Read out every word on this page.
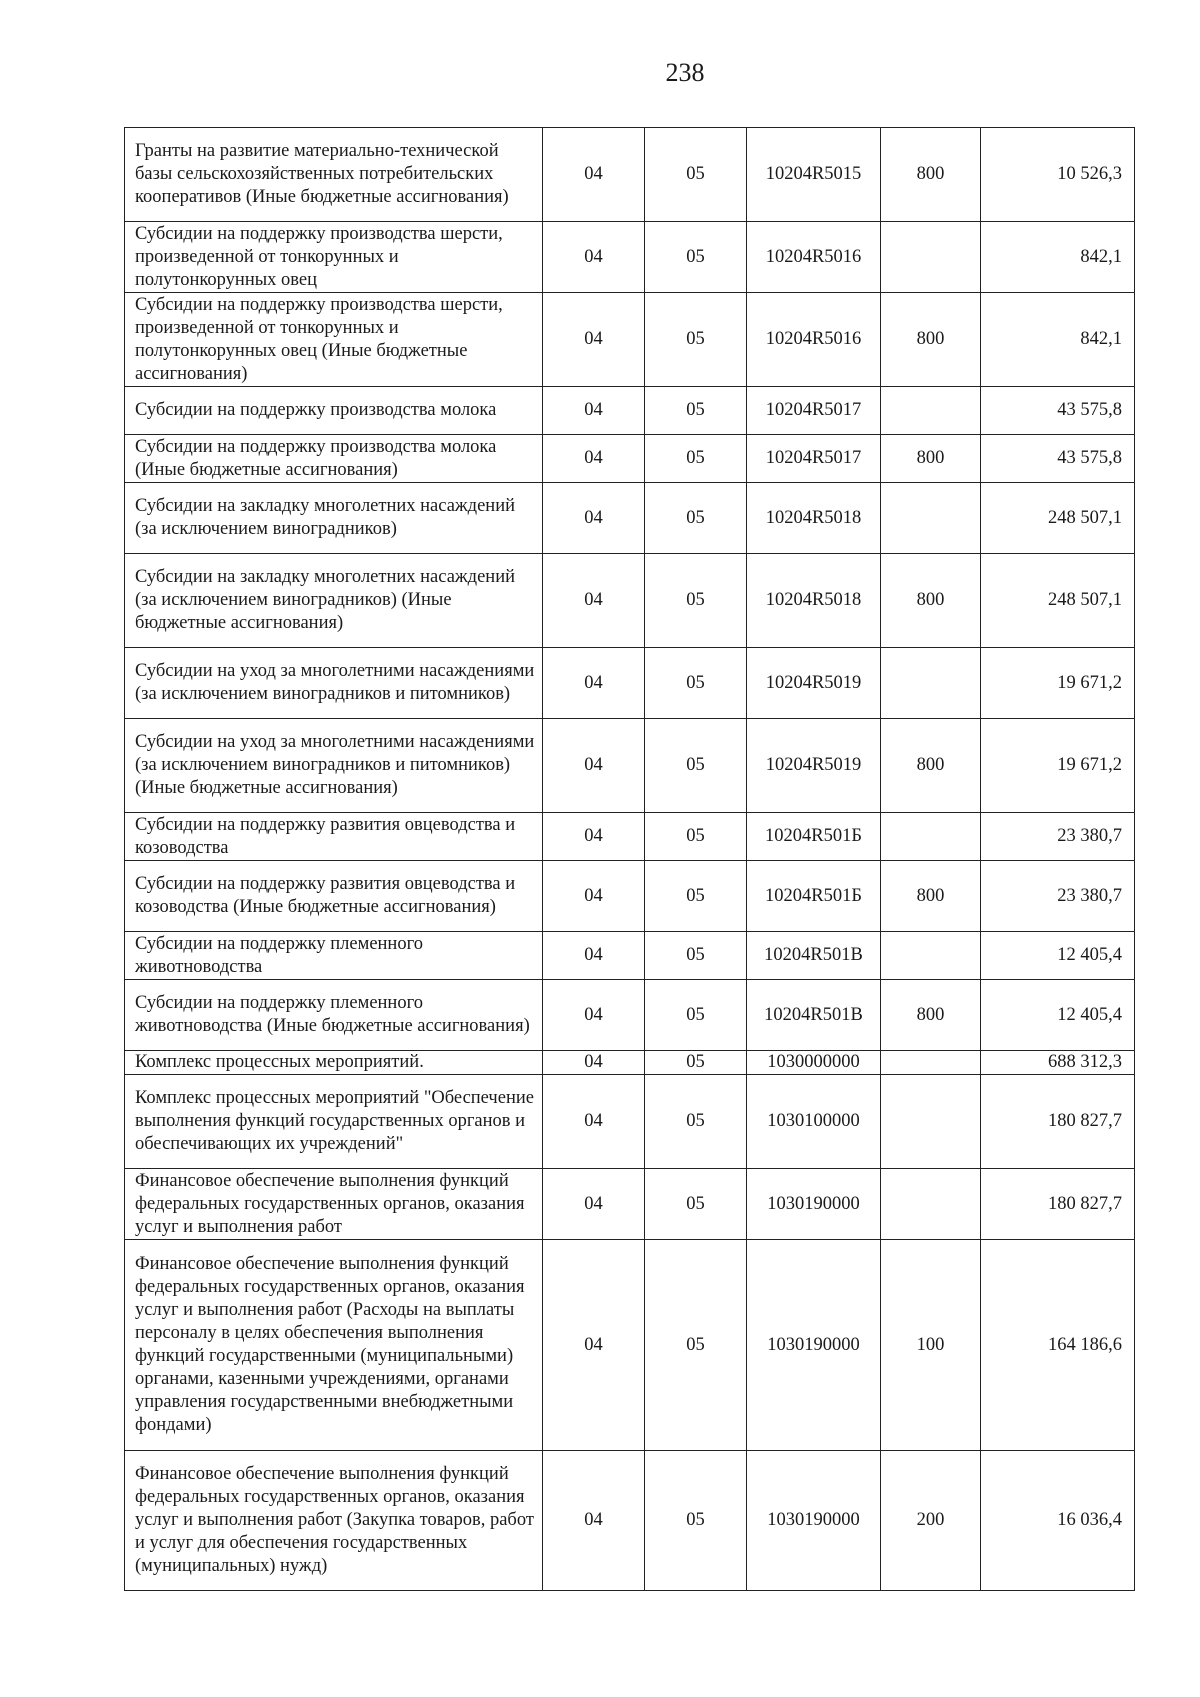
238
Гранты на развитие материально-технической базы сельскохозяйственных потребительских кооперативов (Иные бюджетные ассигнования)	04	05	10204R5015	800	10 526,3
Субсидии на поддержку производства шерсти, произведенной от тонкорунных и полутонкорунных овец	04	05	10204R5016		842,1
Субсидии на поддержку производства шерсти, произведенной от тонкорунных и полутонкорунных овец (Иные бюджетные ассигнования)	04	05	10204R5016	800	842,1
Субсидии на поддержку производства молока	04	05	10204R5017		43 575,8
Субсидии на поддержку производства молока (Иные бюджетные ассигнования)	04	05	10204R5017	800	43 575,8
Субсидии на закладку многолетних насаждений (за исключением виноградников)	04	05	10204R5018		248 507,1
Субсидии на закладку многолетних насаждений (за исключением виноградников) (Иные бюджетные ассигнования)	04	05	10204R5018	800	248 507,1
Субсидии на уход за многолетними насаждениями (за исключением виноградников и питомников)	04	05	10204R5019		19 671,2
Субсидии на уход за многолетними насаждениями (за исключением виноградников и питомников) (Иные бюджетные ассигнования)	04	05	10204R5019	800	19 671,2
Субсидии на поддержку развития овцеводства и козоводства	04	05	10204R501Б		23 380,7
Субсидии на поддержку развития овцеводства и козоводства (Иные бюджетные ассигнования)	04	05	10204R501Б	800	23 380,7
Субсидии на поддержку племенного животноводства	04	05	10204R501В		12 405,4
Субсидии на поддержку племенного животноводства (Иные бюджетные ассигнования)	04	05	10204R501В	800	12 405,4
Комплекс процессных мероприятий.	04	05	1030000000		688 312,3
Комплекс процессных мероприятий "Обеспечение выполнения функций государственных органов и обеспечивающих их учреждений"	04	05	1030100000		180 827,7
Финансовое обеспечение выполнения функций федеральных государственных органов, оказания услуг и выполнения работ	04	05	1030190000		180 827,7
Финансовое обеспечение выполнения функций федеральных государственных органов, оказания услуг и выполнения работ (Расходы на выплаты персоналу в целях обеспечения выполнения функций государственными (муниципальными) органами, казенными учреждениями, органами управления государственными внебюджетными фондами)	04	05	1030190000	100	164 186,6
Финансовое обеспечение выполнения функций федеральных государственных органов, оказания услуг и выполнения работ (Закупка товаров, работ и услуг для обеспечения государственных (муниципальных) нужд)	04	05	1030190000	200	16 036,4
